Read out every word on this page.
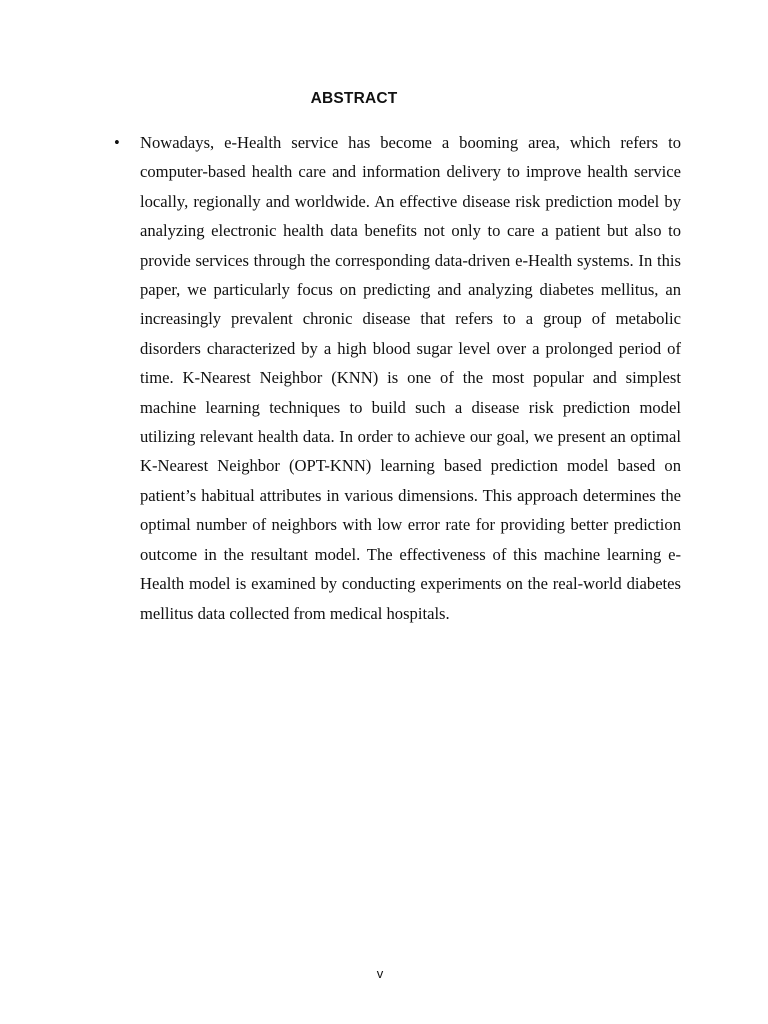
ABSTRACT
•	Nowadays, e-Health service has become a booming area, which refers to computer-based health care and information delivery to improve health service locally, regionally and worldwide. An effective disease risk prediction model by analyzing electronic health data benefits not only to care a patient but also to provide services through the corresponding data-driven e-Health systems. In this paper, we particularly focus on predicting and analyzing diabetes mellitus, an increasingly prevalent chronic disease that refers to a group of metabolic disorders characterized by a high blood sugar level over a prolonged period of time. K-Nearest Neighbor (KNN) is one of the most popular and simplest machine learning techniques to build such a disease risk prediction model utilizing relevant health data. In order to achieve our goal, we present an optimal K-Nearest Neighbor (OPT-KNN) learning based prediction model based on patient’s habitual attributes in various dimensions. This approach determines the optimal number of neighbors with low error rate for providing better prediction outcome in the resultant model. The effectiveness of this machine learning e-Health model is examined by conducting experiments on the real-world diabetes mellitus data collected from medical hospitals.

v
